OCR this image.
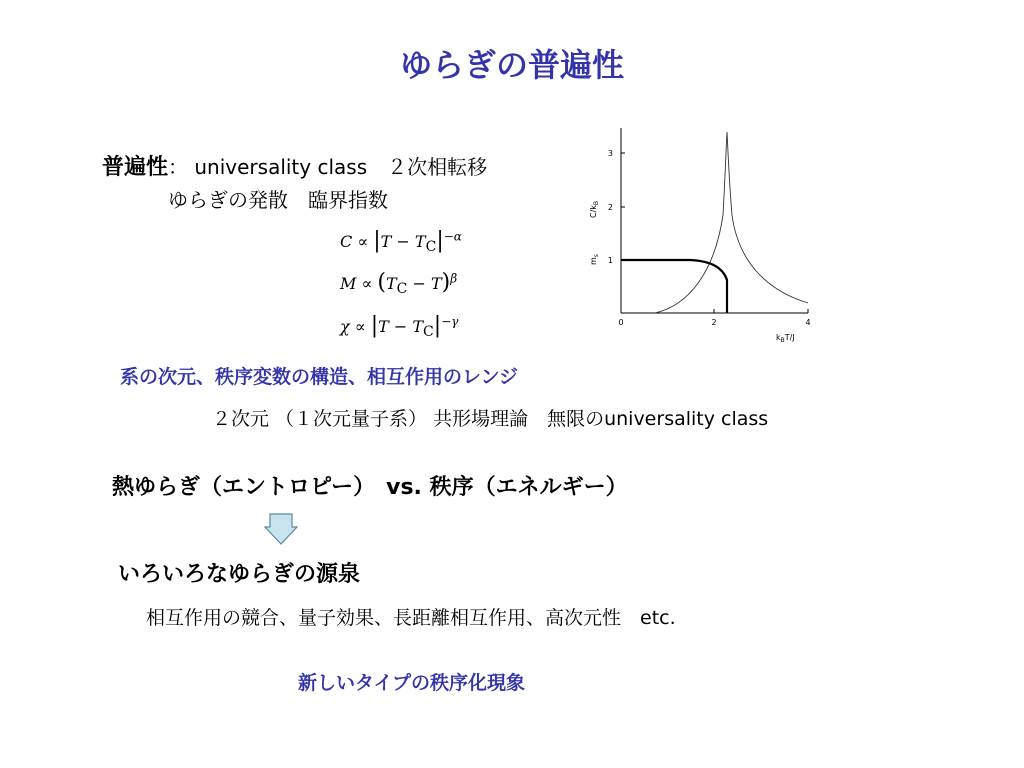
ゆらぎの普遍性
普遍性： universality class　２次相転移
ゆらぎの発散　臨界指数
$C \propto |T - T_C|^{-\alpha}$
$M \propto (T_C - T)^\beta$
$\chi \propto |T - T_C|^{-\gamma}$
1
2
3
0	2	4
$C/k_B$
$m_s$
$k_BT/J$
系の次元、秩序変数の構造、相互作用のレンジ
２次元 （１次元量子系） 共形場理論　無限のuniversality class
熱ゆらぎ（エントロピー）　vs. 秩序（エネルギー）
いろいろなゆらぎの源泉
相互作用の競合、量子効果、長距離相互作用、高次元性　etc.
新しいタイプの秩序化現象
